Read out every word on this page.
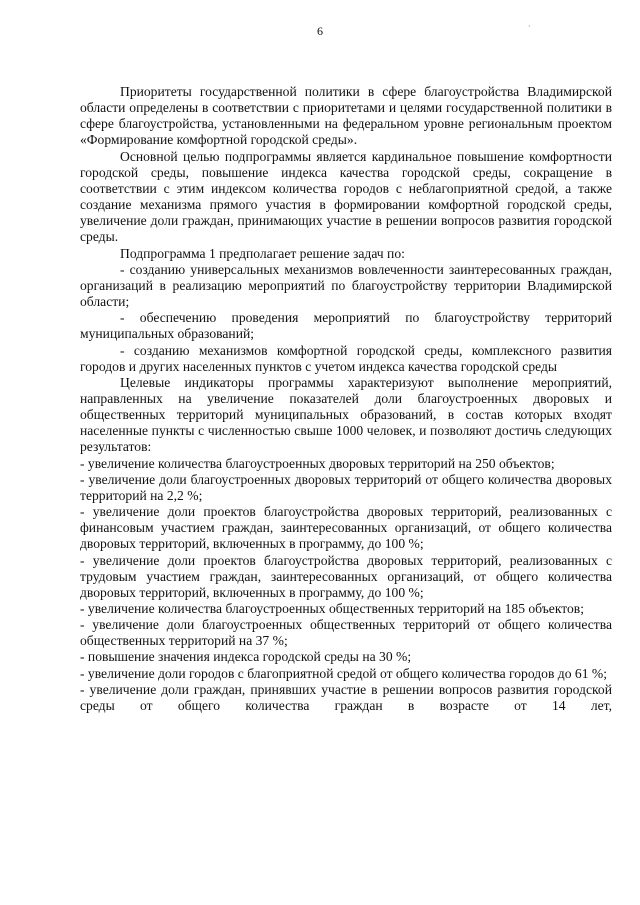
6	·

Приоритеты государственной политики в сфере благоустройства Владимирской области определены в соответствии с приоритетами и целями государственной политики в сфере благоустройства, установленными на федеральном уровне региональным проектом «Формирование комфортной городской среды».

Основной целью подпрограммы является кардинальное повышение комфортности городской среды, повышение индекса качества городской среды, сокращение в соответствии с этим индексом количества городов с неблагоприятной средой, а также создание механизма прямого участия в формировании комфортной городской среды, увеличение доли граждан, принимающих участие в решении вопросов развития городской среды.

Подпрограмма 1 предполагает решение задач по:

- созданию универсальных механизмов вовлеченности заинтересованных граждан, организаций в реализацию мероприятий по благоустройству территории Владимирской области;

- обеспечению проведения мероприятий по благоустройству территорий муниципальных образований;

- созданию механизмов комфортной городской среды, комплексного развития городов и других населенных пунктов с учетом индекса качества городской среды

Целевые индикаторы программы характеризуют выполнение мероприятий, направленных на увеличение показателей доли благоустроенных дворовых и общественных территорий муниципальных образований, в состав которых входят населенные пункты с численностью свыше 1000 человек, и позволяют достичь следующих результатов:

- увеличение количества благоустроенных дворовых территорий на 250 объектов;

- увеличение доли благоустроенных дворовых территорий от общего количества дворовых территорий на 2,2 %;

- увеличение доли проектов благоустройства дворовых территорий, реализованных с финансовым участием граждан, заинтересованных организаций, от общего количества дворовых территорий, включенных в программу, до 100 %;

- увеличение доли проектов благоустройства дворовых территорий, реализованных с трудовым участием граждан, заинтересованных организаций, от общего количества дворовых территорий, включенных в программу, до 100 %;

- увеличение количества благоустроенных общественных территорий на 185 объектов;

- увеличение доли благоустроенных общественных территорий от общего количества общественных территорий на 37 %;

- повышение значения индекса городской среды на 30 %;

- увеличение доли городов с благоприятной средой от общего количества городов до 61 %;

- увеличение доли граждан, принявших участие в решении вопросов развития городской среды от общего количества граждан в возрасте от 14 лет,
